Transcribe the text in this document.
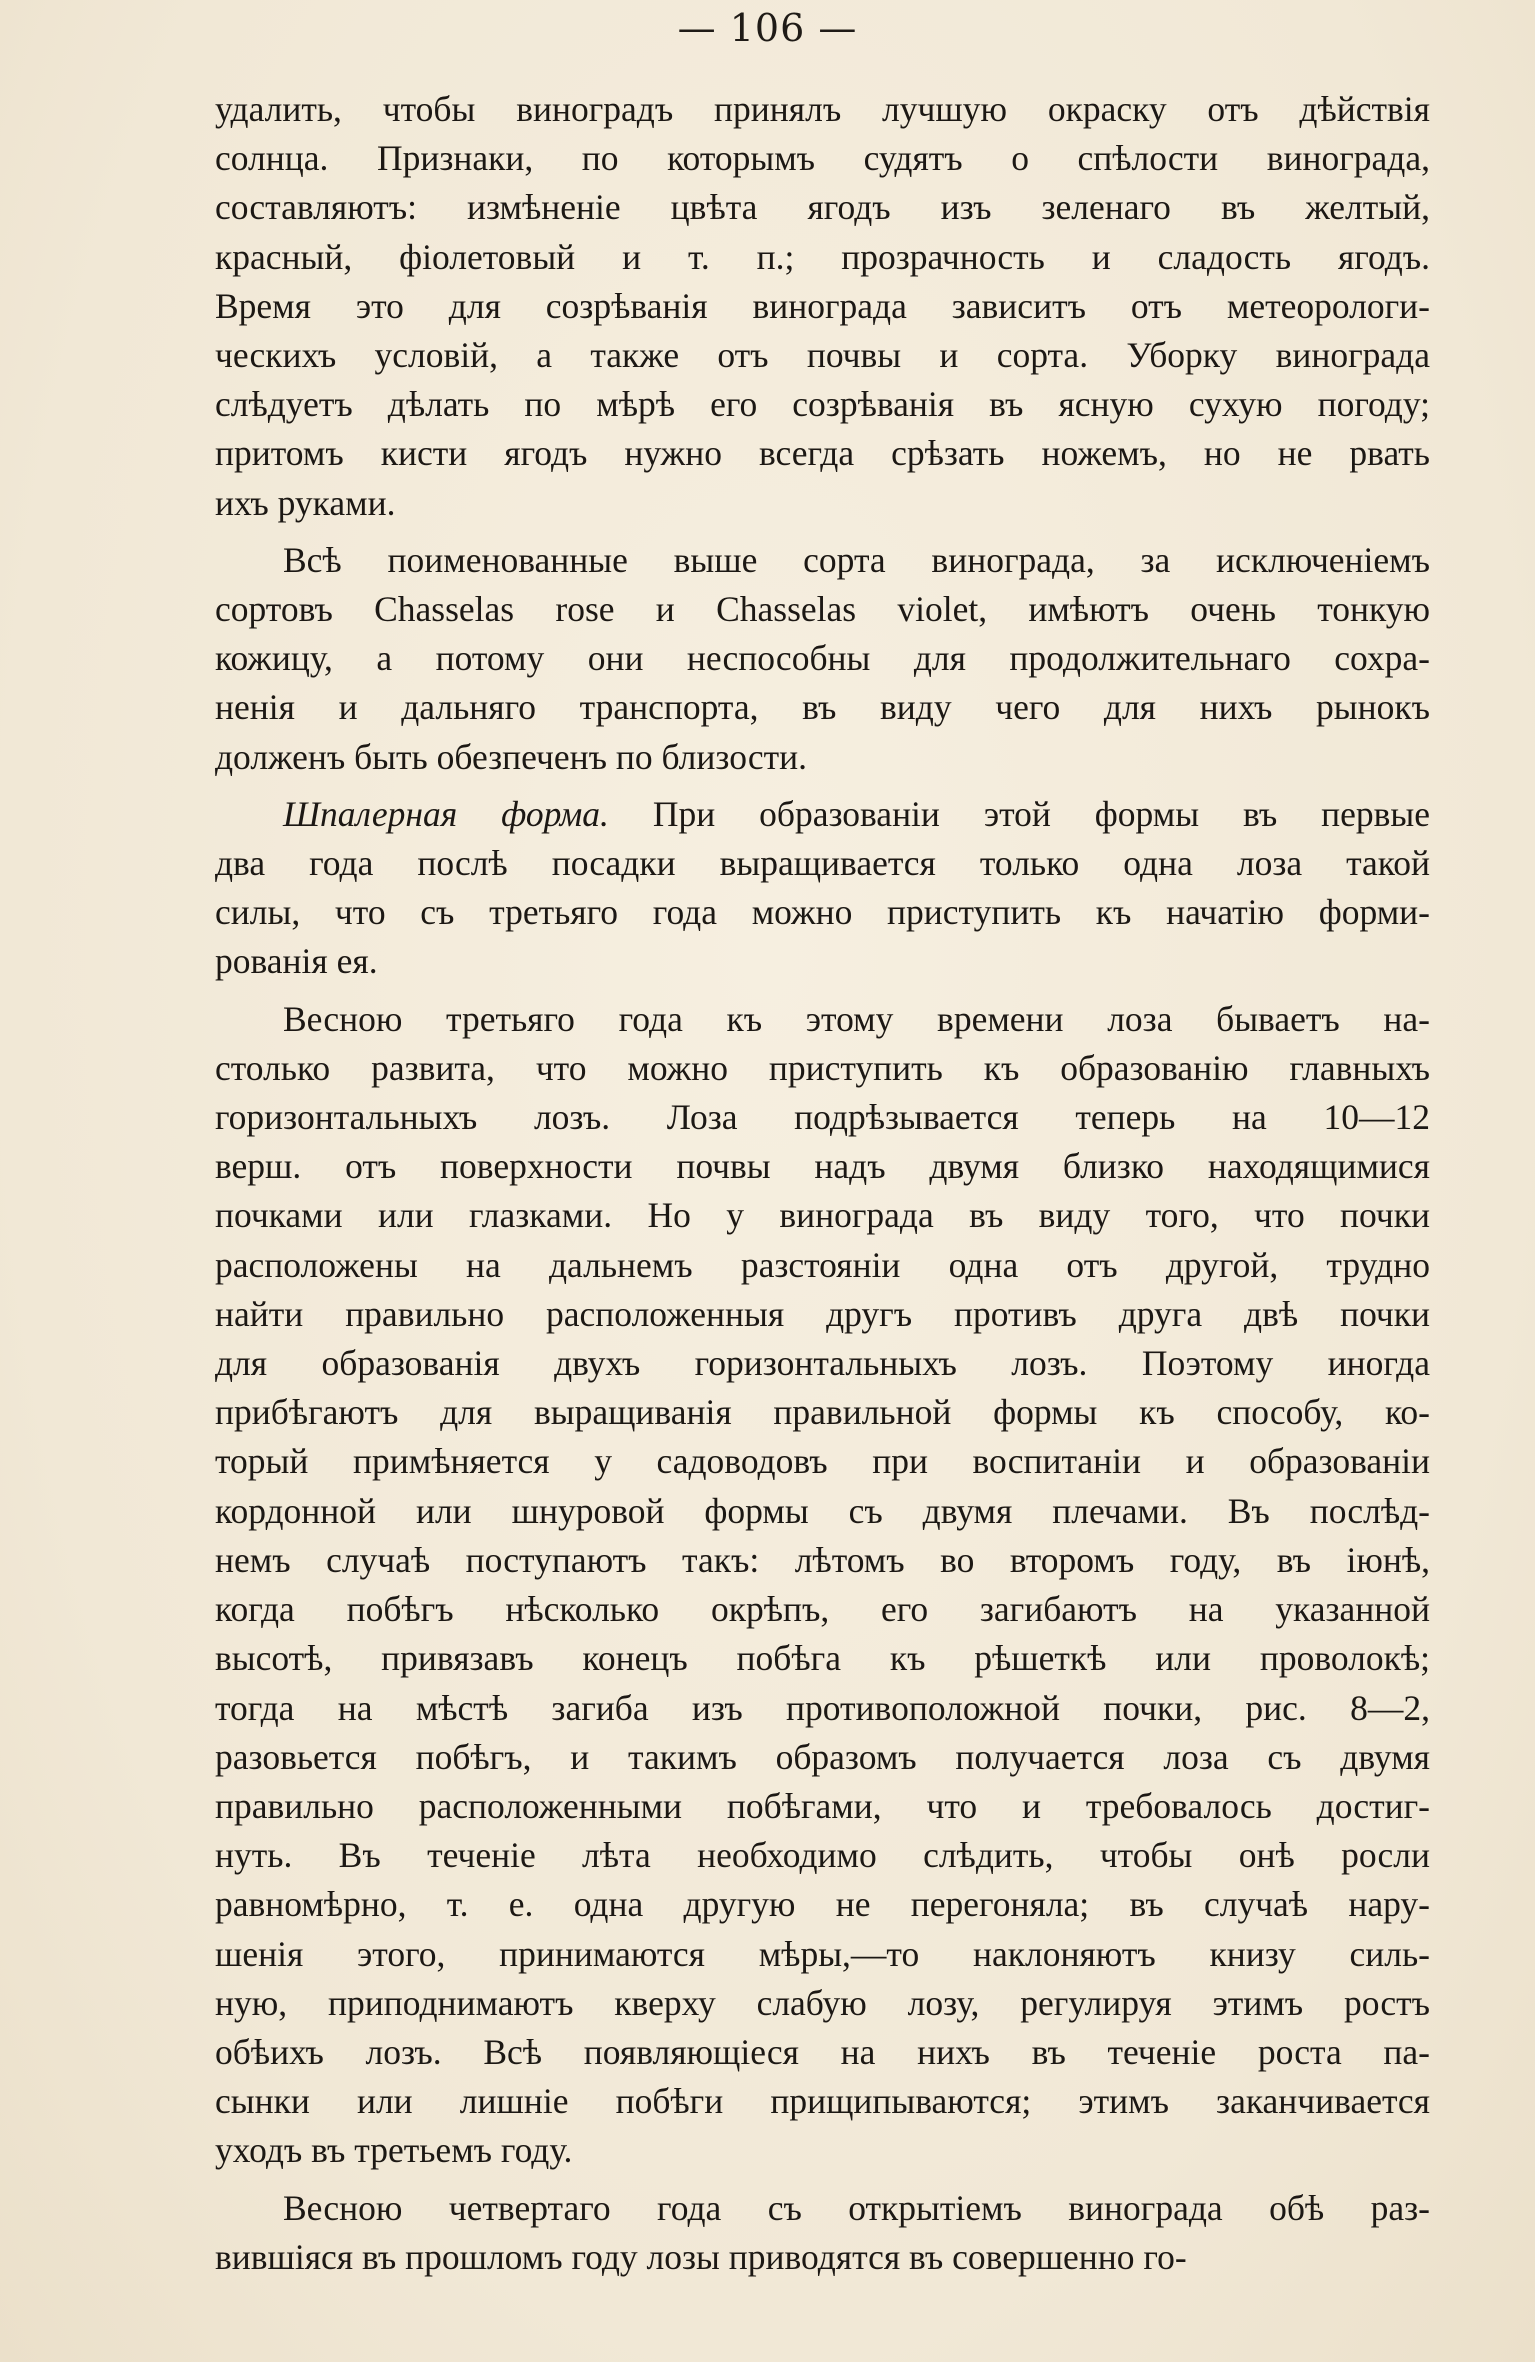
— 106 —
удалить, чтобы виноградъ принялъ лучшую окраску отъ дѣйствія
солнца. Признаки, по которымъ судятъ о спѣлости винограда,
составляютъ: измѣненіе цвѣта ягодъ изъ зеленаго въ желтый,
красный, фіолетовый и т. п.; прозрачность и сладость ягодъ.
Время это для созрѣванія винограда зависитъ отъ метеорологи-
ческихъ условій, а также отъ почвы и сорта. Уборку винограда
слѣдуетъ дѣлать по мѣрѣ его созрѣванія въ ясную сухую погоду;
притомъ кисти ягодъ нужно всегда срѣзать ножемъ, но не рвать
ихъ руками.
Всѣ поименованные выше сорта винограда, за исключеніемъ
сортовъ Chasselas rose и Chasselas violet, имѣютъ очень тонкую
кожицу, а потому они неспособны для продолжительнаго сохра-
ненія и дальняго транспорта, въ виду чего для нихъ рынокъ
долженъ быть обезпеченъ по близости.
Шпалерная форма. При образованіи этой формы въ первые
два года послѣ посадки выращивается только одна лоза такой
силы, что съ третьяго года можно приступить къ начатію форми-
рованія ея.
Весною третьяго года къ этому времени лоза бываетъ на-
столько развита, что можно приступить къ образованію главныхъ
горизонтальныхъ лозъ. Лоза подрѣзывается теперь на 10—12
верш. отъ поверхности почвы надъ двумя близко находящимися
почками или глазками. Но у винограда въ виду того, что почки
расположены на дальнемъ разстояніи одна отъ другой, трудно
найти правильно расположенныя другъ противъ друга двѣ почки
для образованія двухъ горизонтальныхъ лозъ. Поэтому иногда
прибѣгаютъ для выращиванія правильной формы къ способу, ко-
торый примѣняется у садоводовъ при воспитаніи и образованіи
кордонной или шнуровой формы съ двумя плечами. Въ послѣд-
немъ случаѣ поступаютъ такъ: лѣтомъ во второмъ году, въ іюнѣ,
когда побѣгъ нѣсколько окрѣпъ, его загибаютъ на указанной
высотѣ, привязавъ конецъ побѣга къ рѣшеткѣ или проволокѣ;
тогда на мѣстѣ загиба изъ противоположной почки, рис. 8—2,
разовьется побѣгъ, и такимъ образомъ получается лоза съ двумя
правильно расположенными побѣгами, что и требовалось достиг-
нуть. Въ теченіе лѣта необходимо слѣдить, чтобы онѣ росли
равномѣрно, т. е. одна другую не перегоняла; въ случаѣ нару-
шенія этого, принимаются мѣры,—то наклоняютъ книзу силь-
ную, приподнимаютъ кверху слабую лозу, регулируя этимъ ростъ
обѣихъ лозъ. Всѣ появляющіеся на нихъ въ теченіе роста па-
сынки или лишніе побѣги прищипываются; этимъ заканчивается
уходъ въ третьемъ году.
Весною четвертаго года съ открытіемъ винограда обѣ раз-
вившіяся въ прошломъ году лозы приводятся въ совершенно го-
